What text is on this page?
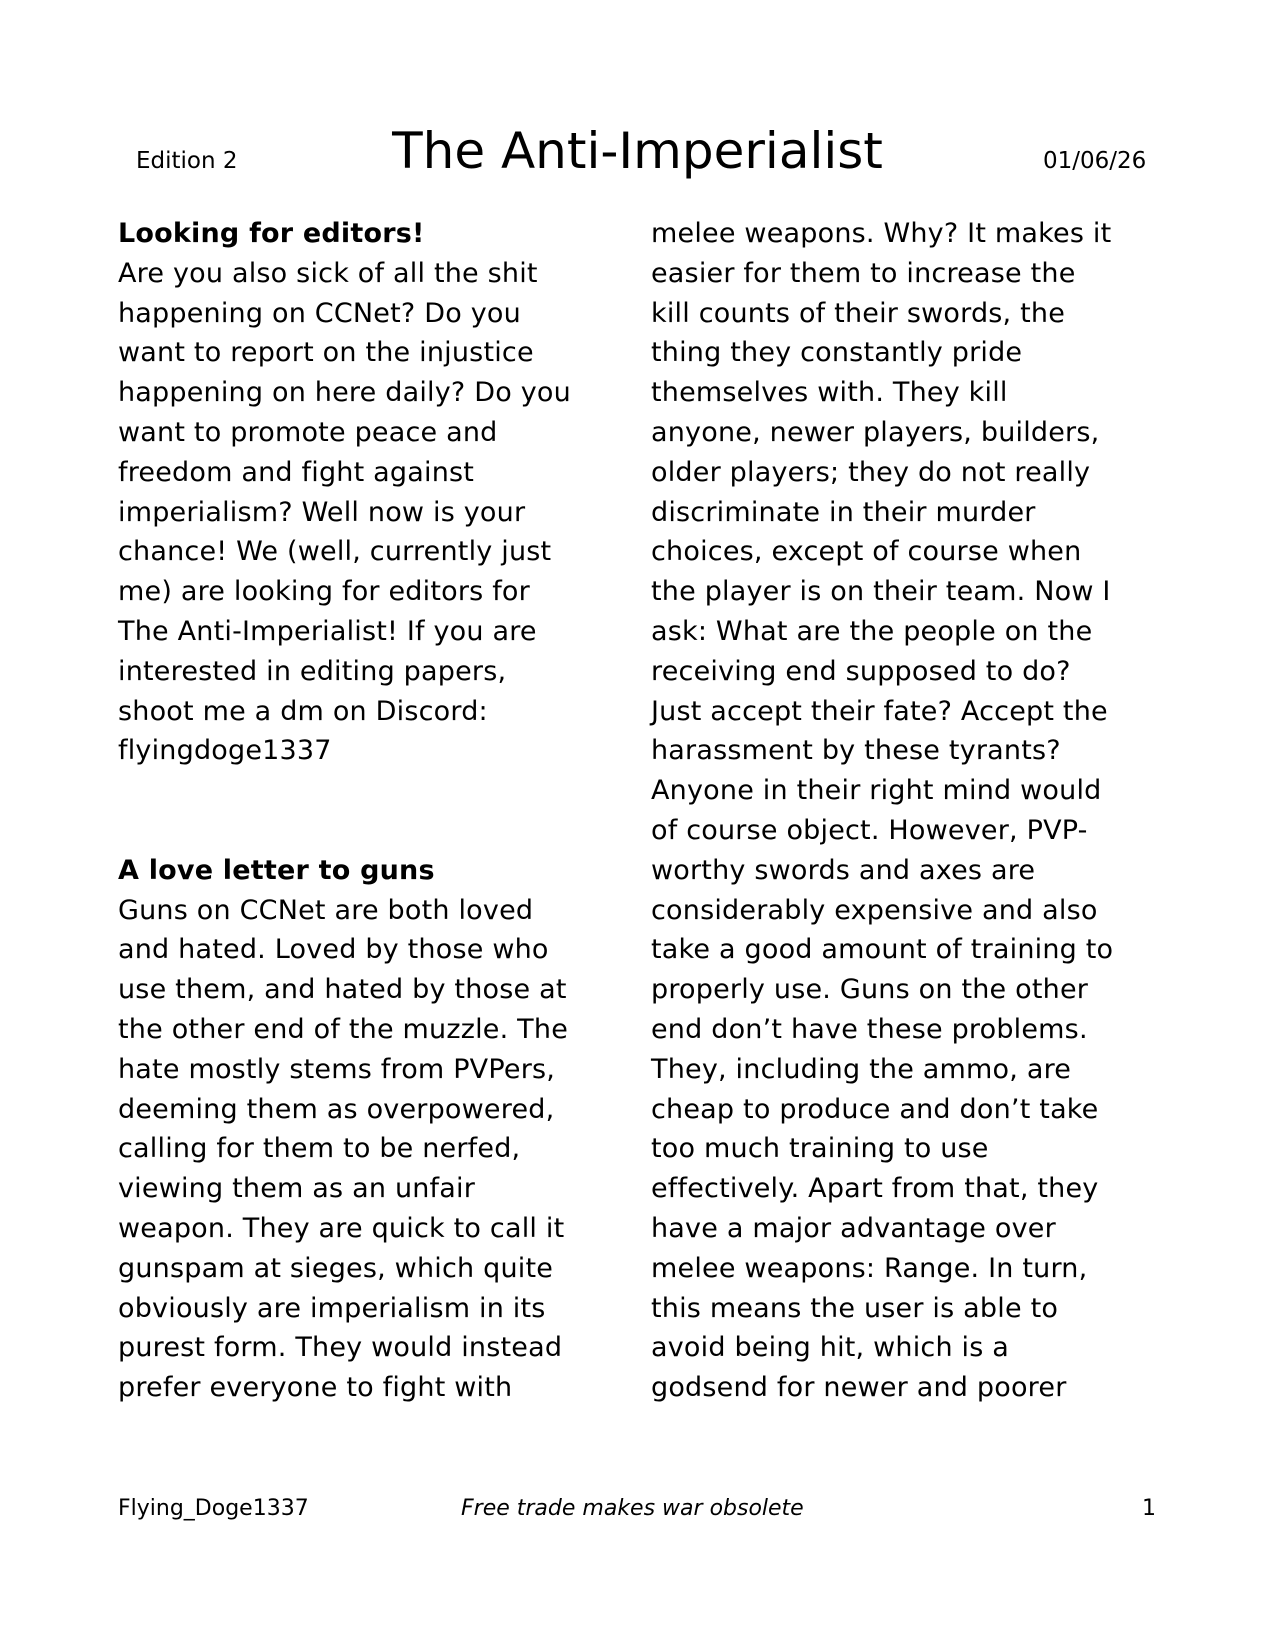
Edition 2	The Anti-Imperialist	01/06/26
Looking for editors!
Are you also sick of all the shit
happening on CCNet? Do you
want to report on the injustice
happening on here daily? Do you
want to promote peace and
freedom and fight against
imperialism? Well now is your
chance! We (well, currently just
me) are looking for editors for
The Anti-Imperialist! If you are
interested in editing papers,
shoot me a dm on Discord:
flyingdoge1337
A love letter to guns
Guns on CCNet are both loved
and hated. Loved by those who
use them, and hated by those at
the other end of the muzzle. The
hate mostly stems from PVPers,
deeming them as overpowered,
calling for them to be nerfed,
viewing them as an unfair
weapon. They are quick to call it
gunspam at sieges, which quite
obviously are imperialism in its
purest form. They would instead
prefer everyone to fight with
melee weapons. Why? It makes it
easier for them to increase the
kill counts of their swords, the
thing they constantly pride
themselves with. They kill
anyone, newer players, builders,
older players; they do not really
discriminate in their murder
choices, except of course when
the player is on their team. Now I
ask: What are the people on the
receiving end supposed to do?
Just accept their fate? Accept the
harassment by these tyrants?
Anyone in their right mind would
of course object. However, PVP-
worthy swords and axes are
considerably expensive and also
take a good amount of training to
properly use. Guns on the other
end don’t have these problems.
They, including the ammo, are
cheap to produce and don’t take
too much training to use
effectively. Apart from that, they
have a major advantage over
melee weapons: Range. In turn,
this means the user is able to
avoid being hit, which is a
godsend for newer and poorer
Flying_Doge1337	Free trade makes war obsolete	1
